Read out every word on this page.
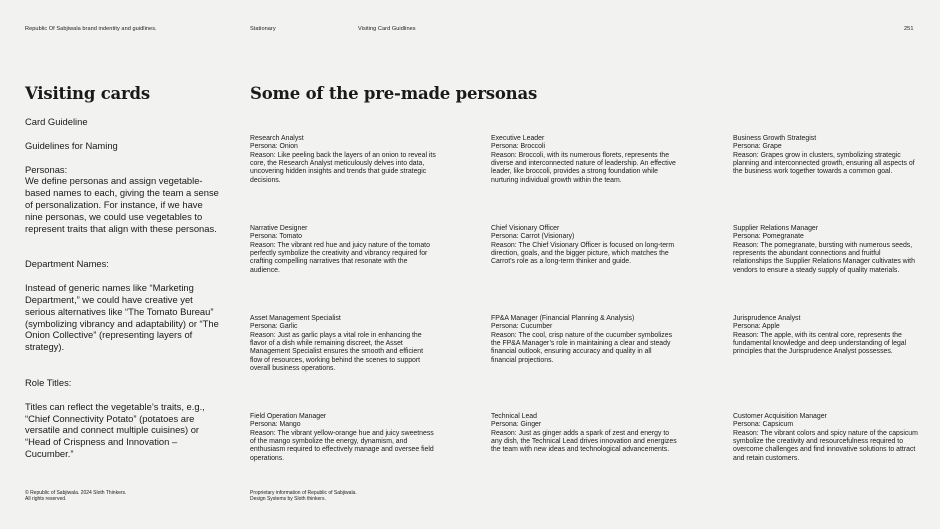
Republic Of Sabjiwala brand indentity and guidlines.	Stationary	Visiting Card Guidlines	251
Visiting cards	Some of the pre-made personas

Card Guideline

Guidelines for Naming

Personas:
We define personas and assign vegetable-based names to each, giving the team a sense of personalization. For instance, if we have nine personas, we could use vegetables to represent traits that align with these personas.

Department Names:

Instead of generic names like “Marketing Department,” we could have creative yet serious alternatives like “The Tomato Bureau” (symbolizing vibrancy and adaptability) or “The Onion Collective” (representing layers of strategy).

Role Titles:

Titles can reflect the vegetable’s traits, e.g., “Chief Connectivity Potato” (potatoes are versatile and connect multiple cuisines) or “Head of Crispness and Innovation – Cucumber.”

Research Analyst
Persona: Onion
Reason: Like peeling back the layers of an onion to reveal its core, the Research Analyst meticulously delves into data, uncovering hidden insights and trends that guide strategic decisions.
Executive Leader
Persona: Broccoli
Reason: Broccoli, with its numerous florets, represents the diverse and interconnected nature of leadership. An effective leader, like broccoli, provides a strong foundation while nurturing individual growth within the team.
Business Growth Strategist
Persona: Grape
Reason: Grapes grow in clusters, symbolizing strategic planning and interconnected growth, ensuring all aspects of the business work together towards a common goal.
Narrative Designer
Persona: Tomato
Reason: The vibrant red hue and juicy nature of the tomato perfectly symbolize the creativity and vibrancy required for crafting compelling narratives that resonate with the audience.
Chief Visionary Officer
Persona: Carrot (Visionary)
Reason: The Chief Visionary Officer is focused on long-term direction, goals, and the bigger picture, which matches the Carrot’s role as a long-term thinker and guide.
Supplier Relations Manager
Persona: Pomegranate
Reason: The pomegranate, bursting with numerous seeds, represents the abundant connections and fruitful relationships the Supplier Relations Manager cultivates with vendors to ensure a steady supply of quality materials.
Asset Management Specialist
Persona: Garlic
Reason: Just as garlic plays a vital role in enhancing the flavor of a dish while remaining discreet, the Asset Management Specialist ensures the smooth and efficient flow of resources, working behind the scenes to support overall business operations.
FP&A Manager (Financial Planning & Analysis)
Persona: Cucumber
Reason: The cool, crisp nature of the cucumber symbolizes the FP&A Manager’s role in maintaining a clear and steady financial outlook, ensuring accuracy and quality in all financial projections.
Jurisprudence Analyst
Persona: Apple
Reason: The apple, with its central core, represents the fundamental knowledge and deep understanding of legal principles that the Jurisprudence Analyst possesses.
Field Operation Manager
Persona: Mango
Reason: The vibrant yellow-orange hue and juicy sweetness of the mango symbolize the energy, dynamism, and enthusiasm required to effectively manage and oversee field operations.
Technical Lead
Persona: Ginger
Reason: Just as ginger adds a spark of zest and energy to any dish, the Technical Lead drives innovation and energizes the team with new ideas and technological advancements.
Customer Acquisition Manager
Persona: Capsicum
Reason: The vibrant colors and spicy nature of the capsicum symbolize the creativity and resourcefulness required to overcome challenges and find innovative solutions to attract and retain customers.
© Republic of Sabjiwala. 2024 Sloth Thinkers.
All rights reserved.
Proprietary information of Republic of Sabjiwala.
Design Systems by Sloth thinkers.
